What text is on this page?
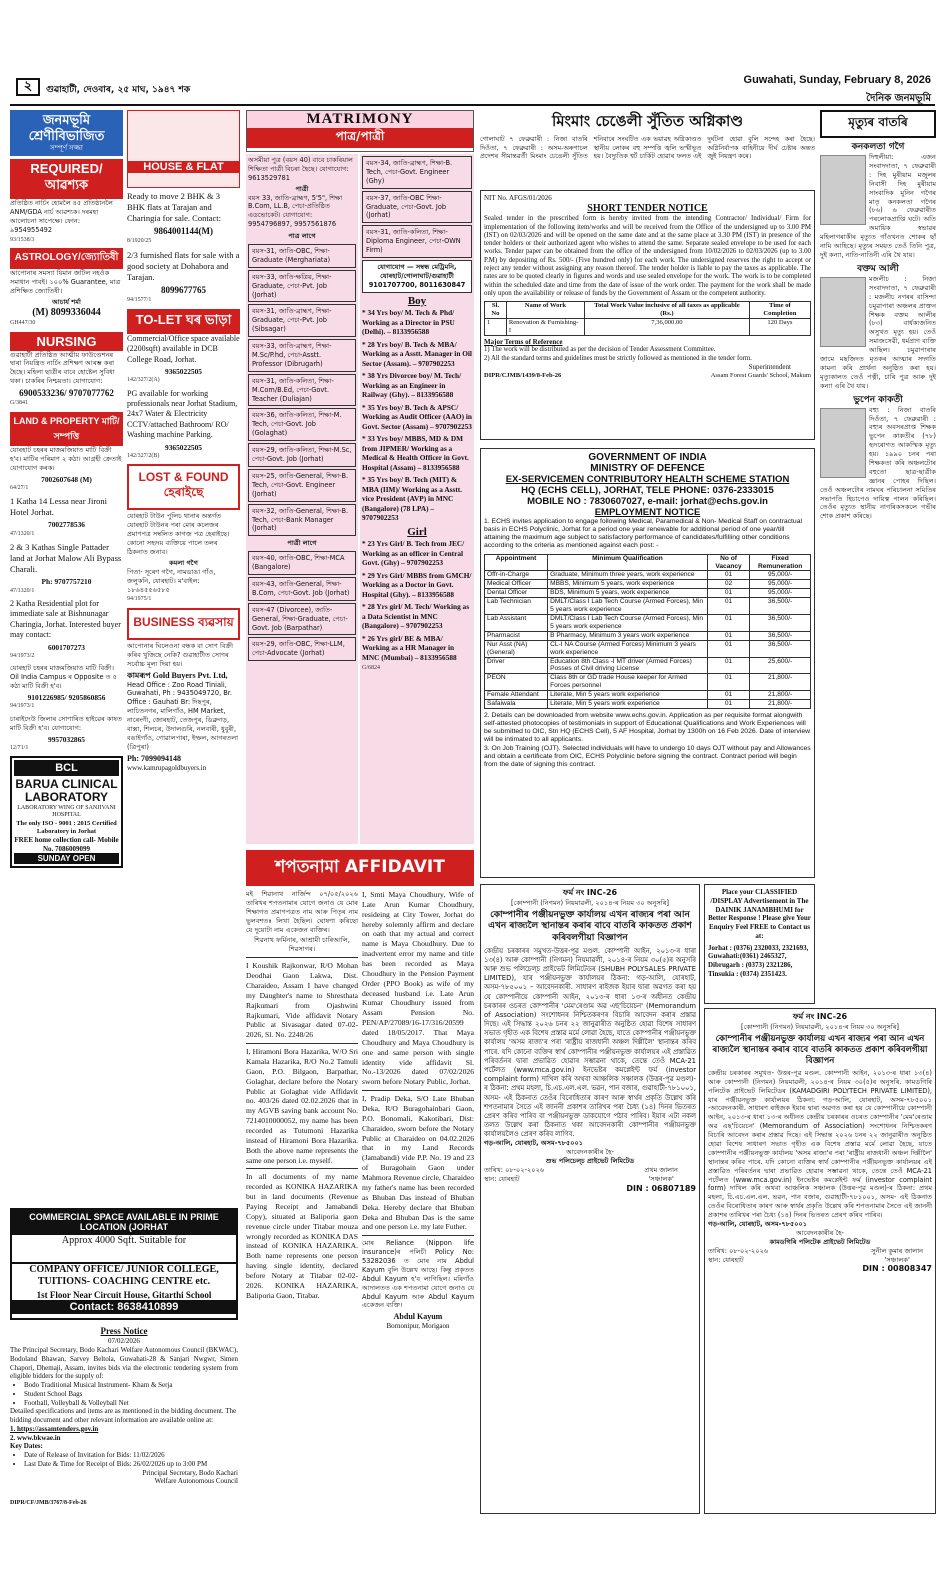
২	গুৱাহাটী, দেওবাৰ, ২৫ মাঘ, ১৯৪৭ শক
Guwahati, Sunday, February 8, 2026
দৈনিক জনমভূমি
জনমভূমি শ্ৰেণীবিভাজিত
সম্পূৰ্ণ সজ্জা
REQUIRED/ আৱশ্যক
প্ৰতিষ্ঠিত নাৰ্চিং হোমলৈ ৪৫ প্ৰতিষ্ঠানলৈ ANM/GDA নাৰ্চ আৱশ্যক। দৰমহা আলোচনা সাপেক্ষে। ফোন: ৯954955492
93/1538/3
ASTROLOGY/জ্যোতিষী
আপোনাৰ সমস্যা যিমান জটিল নহওঁক সমাধান পাবই। ১০০% Guarantee, মাত্ৰ প্ৰশিক্ষিত জ্যোতিষী।
আচাৰ্য শৰ্মা
(M) 8099336044
GH447/30
NURSING
গুৱাহাটী প্ৰতিষ্ঠিত আত্মীয় ফাউণ্ডেশনৰ দ্বাৰা নিয়ন্ত্ৰিত নাৰ্চিং প্ৰশিক্ষণ আৰম্ভ কৰা হৈছে। মহিলা ছাত্ৰীৰ বাবে হোষ্টেল সুবিধা থকা। চাকৰিৰ নিশ্চয়তা। যোগাযোগ:
6900533236/ 9707077762
G/3841
LAND & PROPERTY মাটি/সম্পত্তি
যোৰহাট চহৰৰ মাজমজিয়াত মাটি বিক্ৰী হ'ব। মাটিৰ পৰিমাণ ২ কঠা। আগ্ৰহী ক্ৰেতাই যোগাযোগ কৰক।
7002607648 (M)
64/27/1
1 Katha 14 Lessa near Jironi Hotel Jorhat.
7002778536
47/1320/1
2 & 3 Kathas Single Pattader land at Jorhat Malow Ali Bypass Charali.
Ph: 9707757210
47/1320/1
2 Katha Residential plot for immediate sale at Bishnunagar Charingia, Jorhat. Interested buyer may contact:
6001707273
94/1973/2
যোৰহাট চহৰৰ মাজমজিয়াত মাটি বিক্ৰী। Oil India Campus ৰ Opposite ত ৫ কঠা মাটি বিক্ৰী হ'ব।
9101226985/ 9205860856
94/1973/1
চাৰাইদেউ জিলাৰ সোণাৰিত হাইৱেৰ কাষত মাটি বিক্ৰী হ'ব। যোগাযোগ:
9957032865
12/71/1
BCL
BARUA CLINICAL LABORATORY
LABORATORY WING OF SANJIVANI HOSPITAL
The only ISO - 9001 : 2015 Certified Laboratory in Jorhat
FREE home collection call- Mobile No. 7086009099
SUNDAY OPEN
HOUSE & FLAT
Ready to move 2 BHK & 3 BHK flats at Tarajan and Charingia for sale. Contact:
9864001144(M)
8/1920/25
2/3 furnished flats for sale with a good society at Dohabora and Tarajan.
8099677765
94/1577/1
TO-LET ঘৰ ভাড়া
Commercial/Office space available (2200sqft) available in DCB College Road, Jorhat.
9365022505
142/327/2(A)
PG available for working professionals near Jorhat Stadium, 24x7 Water & Electricity CCTV/attached Bathroom/ RO/ Washing machine Parking.
9365022505
142/327/2(B)
LOST & FOUND হেৰাইছে
যোৰহাট টাউন পুলিচ থানাৰ অন্তৰ্গত যোৰহাট টাউনৰ পৰা মোৰ কলেজৰ প্ৰমাণপত্ৰ সম্বলিত কাগজ পত্ৰ হেৰাইছে। কোনো সহৃদয় ব্যক্তিয়ে পালে তলৰ ঠিকনাত জনাব।
কমলা গগৈ
পিতা- সূৰেণ গগৈ, নামডাঙা গাঁও, জলুকনি, যোৰহাট। ম'বাইল: ১৮৬৪৫৫৬৫৮৫
94/1975/1
BUSINESS ব্যৱসায়
আপোনাৰ ঘিলেওনা বন্ধক বা সোণ বিক্ৰী কৰিব খুজিছে নেকি? গুৱাহাটীত সোণৰ সৰ্বোচ্চ মূল্য দিয়া হয়।
কামৰূপ Gold Buyers Pvt. Ltd,
Head Office : Zoo Road Tiniali, Guwahati, Ph : 9435049720, Br. Office : Gauhati Br: দিছপুৰ, লাচিতনগৰ, মালিগাঁও, HM Market, নাৰেংগী, জোৰহাট, তেজপুৰ, ডিব্ৰুগড়, বাক্সা, শিলচৰ, উদালগুৰি, নলবাৰী, ধুবুৰী, বঙাইগাঁও, গোৱালপাৰা, ইম্ফল, আগৰতলা (ত্ৰিপুৰা)
Ph: 7099094148
www.kamrupagoldbuyers.in
COMMERCIAL SPACE AVAILABLE IN PRIME LOCATION (JORHAT
Approx 4000 Sqft. Suitable for
COMPANY OFFICE/ JUNIOR COLLEGE, TUITIONS- COACHING CENTRE etc.
1st Floor Near Circuit House, Gitarthi School
Contact: 8638410899
Press Notice
07/02/2026
The Principal Secretary, Bodo Kachari Welfare Autonomous Council (BKWAC), Bodoland Bhawan, Sarvey Beltola, Guwahati-28 & Sanjari Nwgwr, Simen Chapori, Dhemaji, Assam, invites bids via the electronic tendering system from eligible bidders for the supply of:
• Bodo Traditional Musical Instrument- Kham & Serja
• Student School Bags
• Football, Volleyball & Volleyball Net
Detailed specifications and items are as mentioned in the bidding document. The bidding document and other relevant information are available online at:
1. https://assamtenders.gov.in
2. www.bkwae.in
Key Dates:
• Date of Release of Invitation for Bids: 11/02/2026
• Last Date & Time for Receipt of Bids: 26/02/2026 up to 3:00 PM
Principal Secretary, Bodo Kachari Welfare Autonomous Council
DIPR/CF/JMB/3767/8-Feb-26
MATRIMONY
পাত্ৰ/পাত্ৰী
অসমীয়া পুত্ৰ (বয়স 40) বাবে চাকৰিয়াল শিক্ষিতা পাত্ৰী বিচৰা হৈছে। যোগাযোগ: 9613529781
পাত্ৰী
বয়স 33, জাতি-ব্ৰাহ্মণ, 5'5", শিক্ষা B.Com, LL.B, পেচা-প্ৰতিষ্ঠিত এডভোকেট। যোগাযোগ: 9954796897, 9957561876
পাত্ৰ লাগে
বয়স-31, জাতি-OBC, শিক্ষা-Graduate (Merghariata)
বয়স-33, জাতি-ক্ষত্ৰিয়, শিক্ষা-Graduate, পেচা-Pvt. Job (Jorhat)
বয়স-31, জাতি-ব্ৰাহ্মণ, শিক্ষা-Graduate, পেচা-Pvt. Job (Sibsagar)
বয়স-33, জাতি-ব্ৰাহ্মণ, শিক্ষা-M.Sc/P.hd, পেচা-Asstt. Professor (Dibrugarh)
বয়স-31, জাতি-কলিতা, শিক্ষা-M.Com/B.Ed, পেচা-Govt. Teacher (Duliajan)
বয়স-36, জাতি-কলিতা, শিক্ষা-M. Tech, পেচা-Govt. Job (Golaghat)
বয়স-29, জাতি-কলিতা, শিক্ষা-M.Sc, পেচা-Govt. Job (Jorhat)
বয়স-25, জাতি-General, শিক্ষা-B. Tech, পেচা-Govt. Engineer (Jorhat)
বয়স-32, জাতি-General, শিক্ষা-B. Tech, পেচা-Bank Manager (Jorhat)
পাত্ৰী লাগে
বয়স-40, জাতি-OBC, শিক্ষা-MCA (Bangalore)
বয়স-43, জাতি-General, শিক্ষা-B.Com, পেচা-Govt. Job (Jorhat)
বয়স-47 (Divorcee), জাতি-General, শিক্ষা-Graduate, পেচা-Govt. Job (Barpathar)
বয়স-29, জাতি-OBC, শিক্ষা-LLM, পেচা-Advocate (Jorhat)
বয়স-34, জাতি-ব্ৰাহ্মণ, শিক্ষা-B. Tech, পেচা-Govt. Engineer (Ghy)
বয়স-37, জাতি-OBC শিক্ষা-Graduate, পেচা-Govt. Job (Jorhat)
বয়স-31, জাতি-কলিতা, শিক্ষা-Diploma Engineer, পেচা-OWN Firm)
যোগাযোগ — সম্বন্ধ মেট্ৰিমনি, যোৰহাট/গোলাঘাট/গুৱাহাটী 9101707700, 8011630847
Boy
* 34 Yrs boy/ M. Tech & Phd/ Working as a Director in PSU (Delhi). – 8133956588
* 28 Yrs boy/ B. Tech & MBA/ Working as a Asstt. Manager in Oil Sector (Assam). – 9707902253
* 38 Yrs Divorcee boy/ M. Tech/ Working as an Engineer in Railway (Ghy). – 8133956588
* 35 Yrs boy/ B. Tech & APSC/ Working as Audit Officer (AAO) in Govt. Sector (Assam) – 9707902253
* 33 Yrs boy/ MBBS, MD & DM from JIPMER/ Working as a Medical & Health Officer in Govt. Hospital (Assam) – 8133956588
* 35 Yrs boy/ B. Tech (MIT) & MBA (IIM)/ Working as a Asstt. vice President (AVP) in MNC (Bangalore) (78 LPA) – 9707902253
Girl
* 23 Yrs Girl/ B. Tech from JEC/ Working as an officer in Central Govt. (Ghy) – 9707902253
* 29 Yrs Girl/ MBBS from GMCH/ Working as a Doctor in Govt. Hospital (Ghy). – 8133956588
* 28 Yrs girl/ M. Tech/ Working as a Data Scientist in MNC (Bangalore) – 9707902253
* 26 Yrs girl/ BE & MBA/ Working as a HR Manager in MNC (Mumbai) – 8133956588
G/6824
শপতনামা AFFIDAVIT
মই শিৱানাথ নাৰ্জিন্দ ০৭/০৫/২০২৬ তাৰিখৰ শপতনামাৰ যোগে জনাও যে মোৰ শিক্ষাগত প্ৰমাণপত্ৰত নাম আৰু পিতৃৰ নাম ভুলবশতঃ লিখা হৈছিল। ঘোষণা কৰিছো যে দুয়োটা নাম একেজন ব্যক্তিৰ।
শিৱনাথ ফৰ্মিনাৰ, আশ্ৰামী চাৰিআলি, শিৱসাগৰ।
I Koushik Rajkonwar, R/O Mohan Deodhai Gaon Lakwa, Dist. Charaideo, Assam I have changed my Daughter's name to Shresthata Rajkumari from Ojashwini Rajkumari, Vide affidavit Notary Public at Sivasagar dated 07-02-2026, Sl. No. 2248/26
I, Hiramoni Bora Hazarika, W/O Sri Kamala Hazarika, R/O No.2 Tamuli Gaon, P.O. Bilgaon, Barpathar, Golaghat, declare before the Notary Public at Golaghat vide Affidavit no. 403/26 dated 02.02.2026 that in my AGVB saving bank account No. 7214010000052, my name has been recorded as Tutumoni Hazarika instead of Hiramoni Bora Hazarika. Both the above name represents the same one person i.e. myself.
In all documents of my name recorded as KONIKA HAZARIKA but in land documents (Revenue Paying Receipt and Jamabandi Copy), situated at Baliporia gaon revenue circle under Titabar mouza wrongly recorded as KONIKA DAS instead of KONIKA HAZARIKA. Both name represents one person having single identity, declared before Notary at Titabar 02-02-2026. KONIKA HAZARIKA, Baliporia Gaon, Titabar.
I, Smti Maya Choudhury, Wife of Late Arun Kumar Choudhury, resideing at City Tower, Jorhat do hereby solemnly affirm and declare on oath that my actual and correct name is Maya Choudhury. Due to inadvertent error my name and title has been recorded as Maya Choudhury in the Pension Payment Order (PPO Book) as wife of my deceased husband i.e. Late Arun Kumar Choudhury issued from Assam Pension No. PEN/AP/27089/16-17/316/20599 dated 18/05/2017. That Maya Choudhury and Maya Choudhury is one and same person with single identity vide affidavit Sl. No.-13/2026 dated 07/02/2026 sworn before Notary Public, Jorhat.
I, Pradip Deka, S/O Late Bhuban Deka, R/O Buragohainbari Gaon, P.O. Bonomali, Kakotibari, Dist: Charaideo, sworn before the Notary Public at Charaideo on 04.02.2026 that in my Land Records (Jamabandi) vide P.P. No. 19 and 23 of Buragohain Gaon under Mahmora Revenue circle, Charaideo my father's name has been recorded as Bhuban Das instead of Bhuban Deka. Hereby declare that Bhuban Deka and Bhuban Das is the same and one person i.e. my late Futher.
মোৰ Reliance (Nippon life insurance)ৰ পলিচী Policy No: 53282036 ত মোৰ নাম Abdul Kayum বুলি উল্লেখ আছে। কিন্তু প্ৰকৃতত Abdul Kayum হ'ব লাগিছিল। মৰিগাঁও আদালতত এক শপতনামা যোগে জনাও যে Abdul Kayum আৰু Abdul Kayum একেজন ব্যক্তি।
Abdul Kayum
Bornonipur, Morigaon
মিংমাং চেঙেলী সুঁতিত অগ্নিকাণ্ড
গোলাঘাট ৭ ফেব্ৰুৱাৰী : নিজা বাতৰি দিওঁতা, ৭ ফেব্ৰুৱাৰী : অসম-অৰুণাচল প্ৰদেশৰ সীমান্তৱৰ্তী মিংমাং চেঙেলী সুঁতিত শনিবাৰে সংঘটিত এক ভয়াৱহ অগ্নিকাণ্ডত স্থানীয় লোকৰ বহু সম্পত্তি জ্বলি ভস্মীভূত হয়। বৈদ্যুতিক শ্বৰ্ট চাৰ্কিট হোৱাৰ ফলত এই দুৰ্ঘটনা হোৱা বুলি সন্দেহ কৰা হৈছে। অগ্নিনিৰ্বাপক বাহিনীয়ে দীৰ্ঘ চেষ্টাৰ অন্তত জুই নিয়ন্ত্ৰণ কৰে।
NIT No. AFGS/01/2026
SHORT TENDER NOTICE
Sealed tender in the prescribed form is hereby invited from the intending Contractor/ Individual/ Firm for implementation of the following item/works and will be received from the Office of the undersigned up to 3.00 PM (IST) on 02/03/2026 and will be opened on the same date and at the same place at 3.30 PM (IST) in presence of the tender holders or their authorized agent who wishes to attend the same. Separate sealed envelope to be used for each works. Tender paper can be obtained from the office of the undersigned from 10/02/2026 to 02/03/2026 (up to 3.00 P.M) by depositing of Rs. 500/- (Five hundred only) for each work. The undersigned reserves the right to accept or reject any tender without assigning any reason thereof. The tender holder is liable to pay the taxes as applicable. The rates are to be quoted clearly in figures and words and use sealed envelope for the work. The work is to be completed within the scheduled date and time from the date of issue of the work order. The payment for the work shall be made only upon the availability or release of funds by the Government of Assam or the competent authority.
Sl. No	Name of Work	Total Work Value inclusive of all taxes as applicable (Rs.)	Time of Completion
1	Renovation & Furnishing- I	7,36,000.00	120 Days
Major Terms of Reference
1) The work will be distributed as per the decision of Tender Assessment Committee.
2) All the standard terms and guidelines must be strictly followed as mentioned in the tender form.
Superintendent
DIPR/CJMB/1439/8-Feb-26	Assam Forest Guards' School, Makum
GOVERNMENT OF INDIA
MINISTRY OF DEFENCE
EX-SERVICEMEN CONTRIBUTORY HEALTH SCHEME STATION
HQ (ECHS CELL), JORHAT, TELE PHONE: 0376-2333015
MOBILE NO : 7830607027, e-mail: jorhat@echs.gov.in
EMPLOYMENT NOTICE
1. ECHS invites application to engage following Medical, Paramedical & Non- Medical Staff on contractual basis in ECHS Polyclinic, Jorhat for a period one year renewable for additional period of one year/till attaining the maximum age subject to satisfactory performance of candidates/fulfilling other conditions according to the criteria as mentioned against each post: -
Appointment	Minimum Qualification	No of Vacancy	Fixed Remuneration
Offr-in-Charge	Graduate, Minimum three years, work experience	01	95,000/-
Medical Officer	MBBS, Minimum 5 years, work experience	02	95,000/-
Dental Officer	BDS, Minimum 5 years, work experience	01	95,000/-
Lab Technician	DMLT/Class I Lab Tech Course (Armed Forces), Min 5 years work experience	01	36,500/-
Lab Assistant	DMLT/Class I Lab Tech Course (Armed Forces), Min 5 years work experience	01	36,500/-
Pharmacist	B Pharmacy, Minimum 3 years work experience	01	36,500/-
Nur Asst (NA) (General)	CL-I NA Course (Armed Forces) Minimum 3 years work experience	01	36,500/-
Driver	Education 8th Class -I MT driver (Armed Forces) Posses of Civil driving License	01	25,600/-
PEON	Class 8th or GD trade House keeper for Armed Forces personnel	01	21,800/-
Female Attendant	Literate, Min 5 years work experience	01	21,800/-
Safaiwala	Literate, Min 5 years work experience	01	21,800/-
2. Details can be downloaded from website www.echs.gov.in. Application as per requisite format alongwith self-attested photocopies of testimonials in support of Educational Qualifications and Work Experiences will be submitted to OIC, Stn HQ (ECHS Cell), 5 AF Hospital, Jorhat by 1300h on 16 Feb 2026. Date of interview will be intimated to all applicants.
3. On Job Training (OJT). Selected individuals will have to undergo 10 days OJT without pay and Allowances and obtain a certificate from OIC, ECHS Polyclinic before signing the contract. Contract period will begin from the date of signing this contract.
ফৰ্ম নং INC-26
[কোম্পানী (নিগমন) নিয়মাৱলী, ২০১৪-ৰ নিয়ম ৩০ অনুসৰি]
কোম্পানীৰ পঞ্জীয়নভুক্ত কাৰ্যালয় এখন ৰাজ্যৰ পৰা আন এখন ৰাজ্যলৈ স্থানান্তৰ কৰাৰ বাবে বাতৰি কাকতত প্ৰকাশ কৰিবলগীয়া বিজ্ঞাপন
কেন্দ্ৰীয় চৰকাৰৰ সমুখত-উত্তৰ-পূৱ মণ্ডল. কোম্পানী আইন, ২০১৩-ৰ ধাৰা ১৩(৪) আৰু কোম্পানী (নিগমন) নিয়মাৱলী, ২০১৪-ৰ নিয়ম ৩০(৫)ৰ অনুসৰি আৰু শুভ পলিচেল্‌চ প্ৰাইভেট লিমিটেডৰ (SHUBH POLYSALES PRIVATE LIMITED), যাৰ পঞ্জীয়নভুক্ত কাৰ্যালয়ৰ ঠিকনা: গড়-আলি, যোৰহাট, অসম-৭৮৫০০১ – আবেদনকাৰী. সাধাৰণ ৰাইজক ইয়াৰ দ্বাৰা অৱগত কৰা হয় যে কোম্পানীয়ে কোম্পানী আইন, ২০১৩-ৰ ধাৰা ১৩-ৰ অধীনত কেন্দ্ৰীয় চৰকাৰৰ ওচৰত কোম্পানীৰ 'মেম'ৰেণ্ডাম অৱ এছ'চিয়েচন' (Memorandum of Association) সংশোধনৰ নিশ্চিতকৰণৰ বিচাৰি আবেদন কৰাৰ প্ৰস্তাৱ দিছে। এই সিদ্ধান্ত ২০২৬ চনৰ ২২ জানুৱাৰীত অনুষ্ঠিত হোৱা বিশেষ সাধাৰণ সভাত গৃহীত এক বিশেষ প্ৰস্তাৱ মৰ্মে লোৱা হৈছে, যাতে কোম্পানীৰ পঞ্জীয়নভুক্ত কাৰ্যালয় 'অসম ৰাজ্য'ৰ পৰা 'ৰাষ্ট্ৰীয় ৰাজধানী অঞ্চল দিল্লীলৈ' স্থানান্তৰ কৰিব পাৰে. যদি কোনো ব্যক্তিৰ স্বাৰ্থ কোম্পানীৰ পঞ্জীয়নভুক্ত কাৰ্যালয়ৰ এই প্ৰস্তাৱিত পৰিবৰ্তনৰ দ্বাৰা প্ৰভাৱিত হোৱাৰ সম্ভাৱনা থাকে, তেন্তে তেওঁ MCA-21 পৰ্টেলত (www.mca.gov.in) ইনভেষ্টৰ কমপ্লেইন্ট ফৰ্ম (investor complaint form) দাখিল কৰি অথবা আঞ্চলিক সঞ্চালক (উত্তৰ-পূৱ মণ্ডল)-ৰ ঠিকনা: প্ৰথম মহলা, চি.এচ.এল.এল. ভৱন, পান বজাৰ, গুৱাহাটী-৭৮১০০১, অসম- এই ঠিকনাত তেওঁৰ বিৰোধিতাৰ কাৰণ আৰু স্বাৰ্থৰ প্ৰকৃতি উল্লেখ কৰি শপতনামাৰ সৈতে এই জাননী প্ৰকাশৰ তাৰিখৰ পৰা চৈধ্য (১৪) দিনৰ ভিতৰত প্ৰেৰণ কৰিব পাৰিব বা পঞ্জীয়নভুক্ত ডাকযোগে পঠাব পাৰিব। ইয়াৰ এটা নকল তলত উল্লেখ কৰা ঠিকনাত থকা আবেদনকাৰী কোম্পানীৰ পঞ্জীয়নভুক্ত কাৰ্যালয়লৈও প্ৰেৰণ কৰিব লাগিব.
গড়-আলি, যোৰহাট, অসম-৭৮৫০০১
আবেদনকাৰীৰ হৈ-
শুভ পলিচেল্‌চ প্ৰাইভেট লিমিটেড
তাৰিখ: ০৮-০২-২০২৬
স্থান: যোৰহাট
প্ৰথম জালান
'সঞ্চালক'
DIN : 06807189
Place your CLASSIFIED /DISPLAY Advertisement in The DAINIK JANAMBHUMI for Better Response ! Please give Your Enquiry Feel FREE to Contact us at:
Jorhat : (0376) 2320033, 2321693, Guwahati:(0361) 2465327, Dibrugarh : (0373) 2321286, Tinsukia : (0374) 2351423.
ফৰ্ম নং INC-26
[কোম্পানী (নিগমন) নিয়মাৱলী, ২০১৪-ৰ নিয়ম ৩০ অনুসৰি]
কোম্পানীৰ পঞ্জীয়নভুক্ত কাৰ্যালয় এখন ৰাজ্যৰ পৰা আন এখন ৰাজ্যলৈ স্থানান্তৰ কৰাৰ বাবে বাতৰি কাকতত প্ৰকাশ কৰিবলগীয়া বিজ্ঞাপন
কেন্দ্ৰীয় চৰকাৰৰ সমুখত- উত্তৰ-পূৱ মণ্ডল. কোম্পানী আইন, ২০১৩-ৰ ধাৰা ১৩(৪) আৰু কোম্পানী (নিগমন) নিয়মাৱলী, ২০১৪-ৰ নিয়ম ৩০(৫)ৰ অনুসৰি. কামডগিৰি পলিটেক প্ৰাইভেট লিমিটেডৰ (KAMADGIRI POLYTECH PRIVATE LIMITED), যাৰ পঞ্জীয়নভুক্ত কাৰ্যালয়ৰ ঠিকনা: গড়-আলি, যোৰহাট, অসম-৭৮৫০০১ -আবেদনকাৰী. সাধাৰণ ৰাইজক ইয়াৰ দ্বাৰা অৱগত কৰা হয় যে কোম্পানীয়ে কোম্পানী আইন, ২০১৩-ৰ ধাৰা ১৩-ৰ অধীনত কেন্দ্ৰীয় চৰকাৰৰ ওচৰত কোম্পানীৰ 'মেম'ৰেণ্ডাম অৱ এছ'চিয়েচন' (Memorandum of Association) সংশোধনৰ নিশ্চিতকৰণ বিচাৰি আবেদন কৰাৰ প্ৰস্তাৱ দিছে। এই সিদ্ধান্ত ২০২৬ চনৰ ২২ জানুৱাৰীত অনুষ্ঠিত হোৱা বিশেষ সাধাৰণ সভাত গৃহীত এক বিশেষ প্ৰস্তাৱ মৰ্মে লোৱা হৈছে, যাতে কোম্পানীৰ পঞ্জীয়নভুক্ত কাৰ্যালয় 'অসম ৰাজ্য'ৰ পৰা 'ৰাষ্ট্ৰীয় ৰাজধানী অঞ্চল দিল্লীলৈ' স্থানান্তৰ কৰিব পাৰে. যদি কোনো ব্যক্তিৰ স্বাৰ্থ কোম্পানীৰ পঞ্জীয়নভুক্ত কাৰ্যালয়ৰ এই প্ৰস্তাৱিত পৰিবৰ্তনৰ দ্বাৰা প্ৰভাৱিত হোৱাৰ সম্ভাৱনা থাকে, তেন্তে তেওঁ MCA-21 পৰ্টেলত (www.mca.gov.in) ইনভেষ্টৰ কমপ্লেইন্ট ফৰ্ম (investor complaint form) দাখিল কৰি অথবা আঞ্চলিক সঞ্চালক (উত্তৰ-পূৱ মণ্ডল)-ৰ ঠিকনা: প্ৰথম মহলা, চি.এচ.এল.এল. ভৱন, পান বজাৰ, গুৱাহাটী-৭৮১০০১, অসম- এই ঠিকনাত তেওঁৰ বিৰোধিতাৰ কাৰণ আৰু স্বাৰ্থৰ প্ৰকৃতি উল্লেখ কৰি শপতনামাৰ সৈতে এই জাননী প্ৰকাশৰ তাৰিখৰ পৰা চৈধ্য (১৪) দিনৰ ভিতৰত প্ৰেৰণ কৰিব পাৰিব।
গড়-আলি, যোৰহাট, অসম-৭৮৫০০১
আবেদনকাৰীৰ হৈ-
কামডগিৰি পলিটেক প্ৰাইভেট লিমিটেড
তাৰিখ: ০৮-০২-২০২৬
স্থান: যোৰহাট
সুনীল কুমাৰ জালান
'সঞ্চালক'
DIN : 00808347
মৃত্যুৰ বাতৰি
কনকলতা গগৈ
দিহুলীয়া: এজন সংবাদদাতা, ৭ ফেব্ৰুৱাৰী : দিহ মুৰীয়াম মজুলৰ নিবাসী দিহ মুৰীয়াম সাংবাদিক মুনিন গগৈৰ মাতৃ কনকলতা গগৈৰ (৮৬) ৬ ফেব্ৰুৱাৰীত পৰলোকপ্ৰাপ্তি ঘটে। অতি অমায়িক স্বভাৱৰ মহিলাগৰাকীৰ মৃত্যুত গাঁওখনত শোকৰ ছাঁ নামি আহিছে। মৃত্যুৰ সময়ত তেওঁ তিনি পুত্ৰ, দুই কন্যা, নাতি-নাতিনী এৰি থৈ যায়।
বক্তম আলী
মজলীচ : নিজা সংবাদদাতা, ৭ ফেব্ৰুৱাৰী : মজলীচ নগৰৰ বাসিন্দা চমুৱাপাৰা অঞ্চলৰ প্ৰাক্তন শিক্ষক বক্তম আলীৰ (৮৩) বাৰ্ধক্যজনিত অসুখত মৃত্যু হয়। তেওঁ সমাজসেৱী, ধৰ্মপ্ৰাণ ব্যক্তি আছিল। চমুৱাপাৰাৰ জামে মছজিদত মৃতকৰ আত্মাৰ সদ্গতি কামনা কৰি প্ৰাৰ্থনা অনুষ্ঠিত কৰা হয়। মৃত্যুকালত তেওঁ পত্নী, চাৰি পুত্ৰ আৰু দুই কন্যা এৰি থৈ যায়।
ভুপেন কাকতী
বহ্যু : নিজা বাতৰি দিওঁতা, ৭ ফেব্ৰুৱাৰী : বহ্যুৰ অবসৰপ্ৰাপ্ত শিক্ষক ভুপেন কাকতীৰ (৭৮) হৃদৰোগত আকস্মিক মৃত্যু হয়। ১৯৯০ চনৰ পৰা শিক্ষকতা কৰি অঞ্চলটোৰ বহুতো ছাত্ৰ-ছাত্ৰীক জ্ঞানৰ পোহৰ দিছিল। তেওঁ অঞ্চলটোৰ নামঘৰ পৰিচালনা সমিতিৰ সভাপতি হিচাপেও দায়িত্ব পালন কৰিছিল। তেওঁৰ মৃত্যুত স্থানীয় নাগৰিকসকলে গভীৰ শোক প্ৰকাশ কৰিছে।
